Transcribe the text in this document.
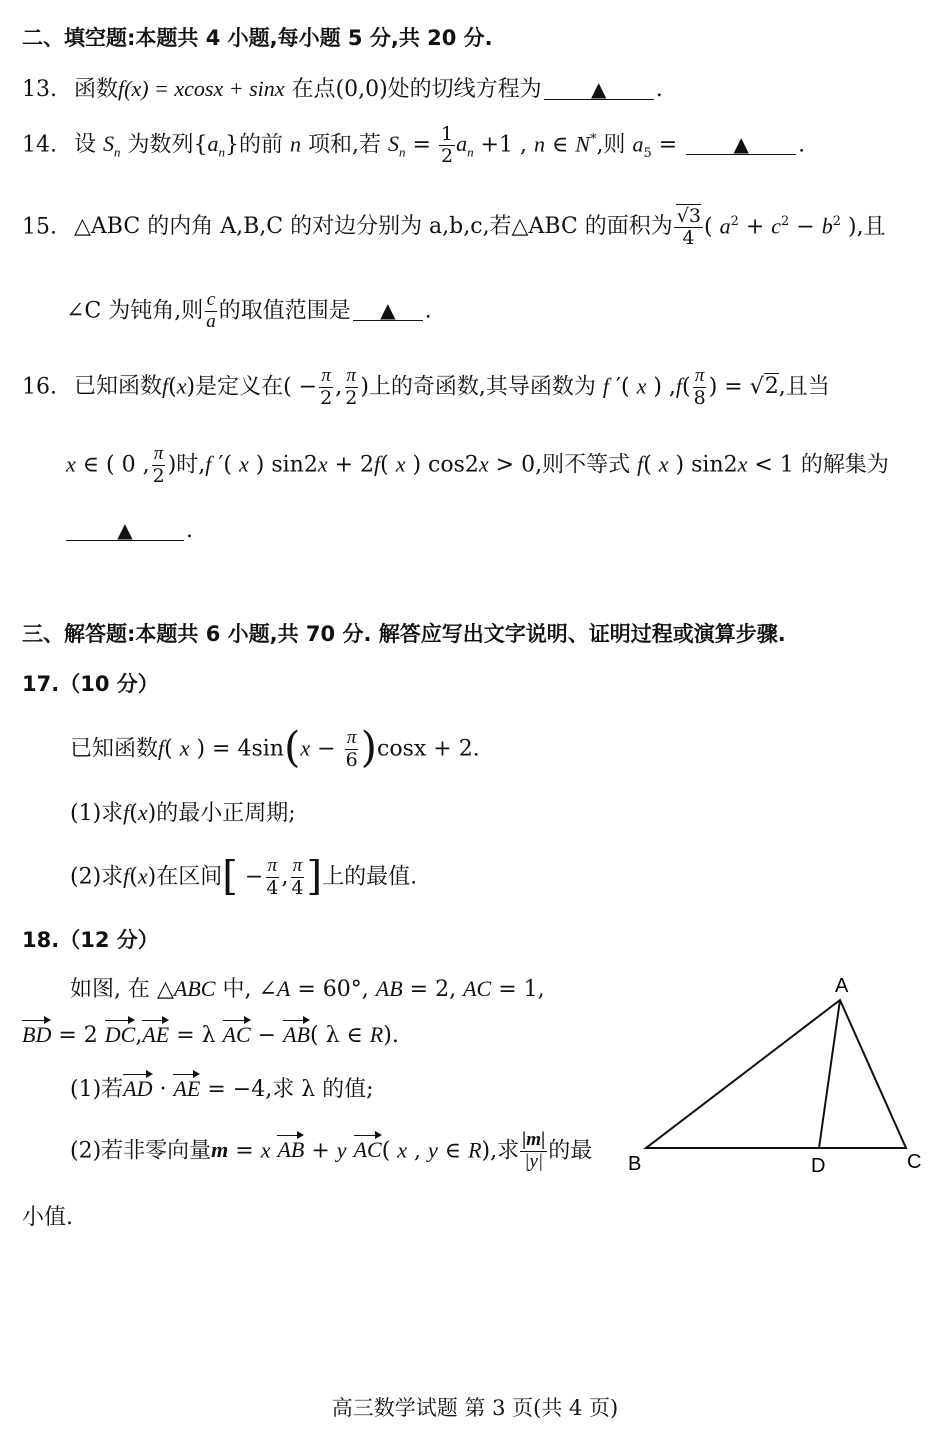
二、填空题:本题共 4 小题,每小题 5 分,共 20 分.
13. 函数f(x) = xcosx + sinx 在点(0,0)处的切线方程为 ▲ .
14. 设 $S_n$ 为数列$\{a_n\}$的前 n 项和,若 $S_n = \frac{1}{2} a_n +1$ , n ∈ N*,则 $a_5$ = ▲ .
15. △ABC 的内角 A,B,C 的对边分别为 a,b,c,若△ABC 的面积为 $\frac{√3}{4}$ ( $a^2 + c^2 - b^2$ ),且
∠C 为钝角,则 $\frac{c}{a}$ 的取值范围是 ▲ .
16. 已知函数f(x)是定义在( − $\frac{\pi}{2}$ , $\frac{\pi}{2}$ )上的奇函数,其导函数为 f ′( x ) $,f( \frac{\pi}{8}$ ) = √2,且当
x ∈ ( 0 , $\frac{\pi}{2}$ )时,f ′( x ) sin2x + 2f( x ) cos2x > 0,则不等式 f( x ) sin2x < 1 的解集为
▲ .
三、解答题:本题共 6 小题,共 70 分. 解答应写出文字说明、证明过程或演算步骤.
17.（10 分）
已知函数f( x ) = $4\sin(x - \frac{\pi}{6} )\cos x + 2$.
(1)求f(x)的最小正周期;
(2)求f(x)在区间[ − $\frac{\pi}{4}$ , $\frac{\pi}{4}$ ]上的最值.
18.（12 分）
如图, 在 △ABC 中, ∠A = 60°, AB = 2, AC = 1,
BD = 2 DC,AE = λ AC − AB( λ ∈ R).
(1)若AD · AE = −4,求 λ 的值;
(2)若非零向量m = x AB + y AC( x , y ∈ R),求 $\frac{|m|}{|y|}$ 的最
小值.
A
B	C
D
高三数学试题 第 3 页(共 4 页)
